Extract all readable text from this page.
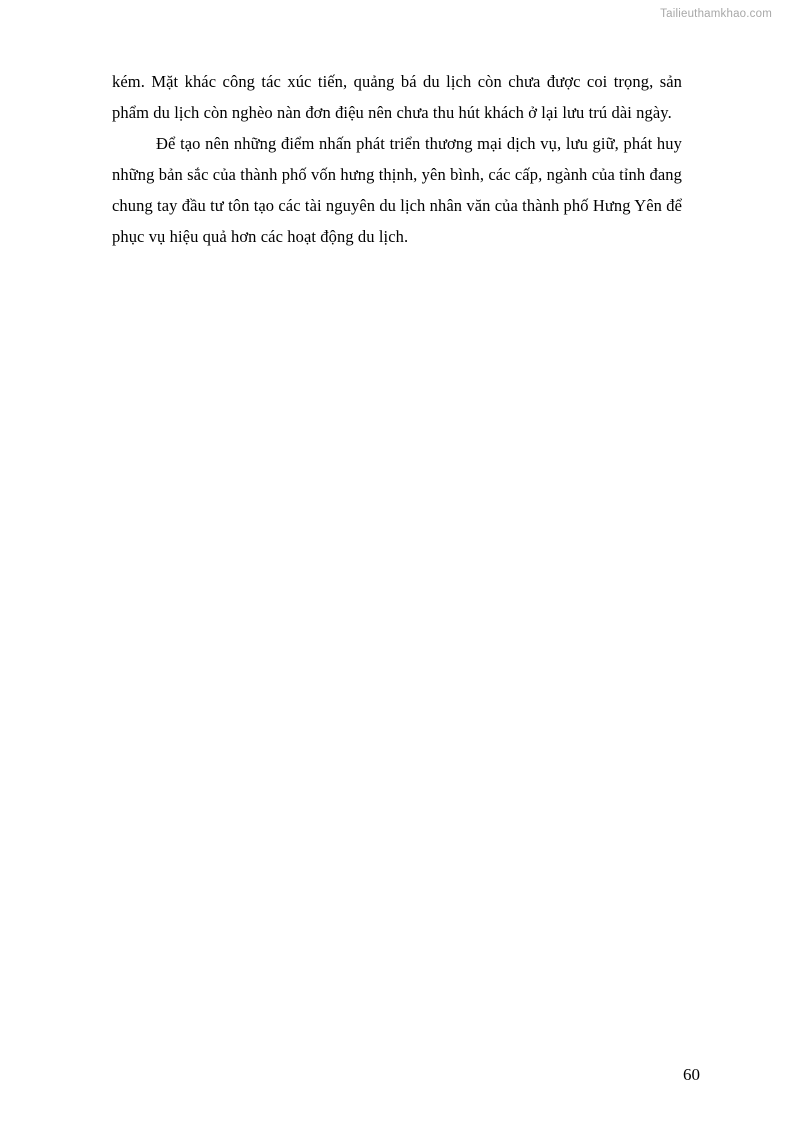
Tailieuthamkhao.com

kém. Mặt khác công tác xúc tiến, quảng bá du lịch còn chưa được coi trọng, sản phẩm du lịch còn nghèo nàn đơn điệu nên chưa thu hút khách ở lại lưu trú dài ngày.

Để tạo nên những điểm nhấn phát triển thương mại dịch vụ, lưu giữ, phát huy những bản sắc của thành phố vốn hưng thịnh, yên bình, các cấp, ngành của tỉnh đang chung tay đầu tư tôn tạo các tài nguyên du lịch nhân văn của thành phố Hưng Yên để phục vụ hiệu quả hơn các hoạt động du lịch.

60
